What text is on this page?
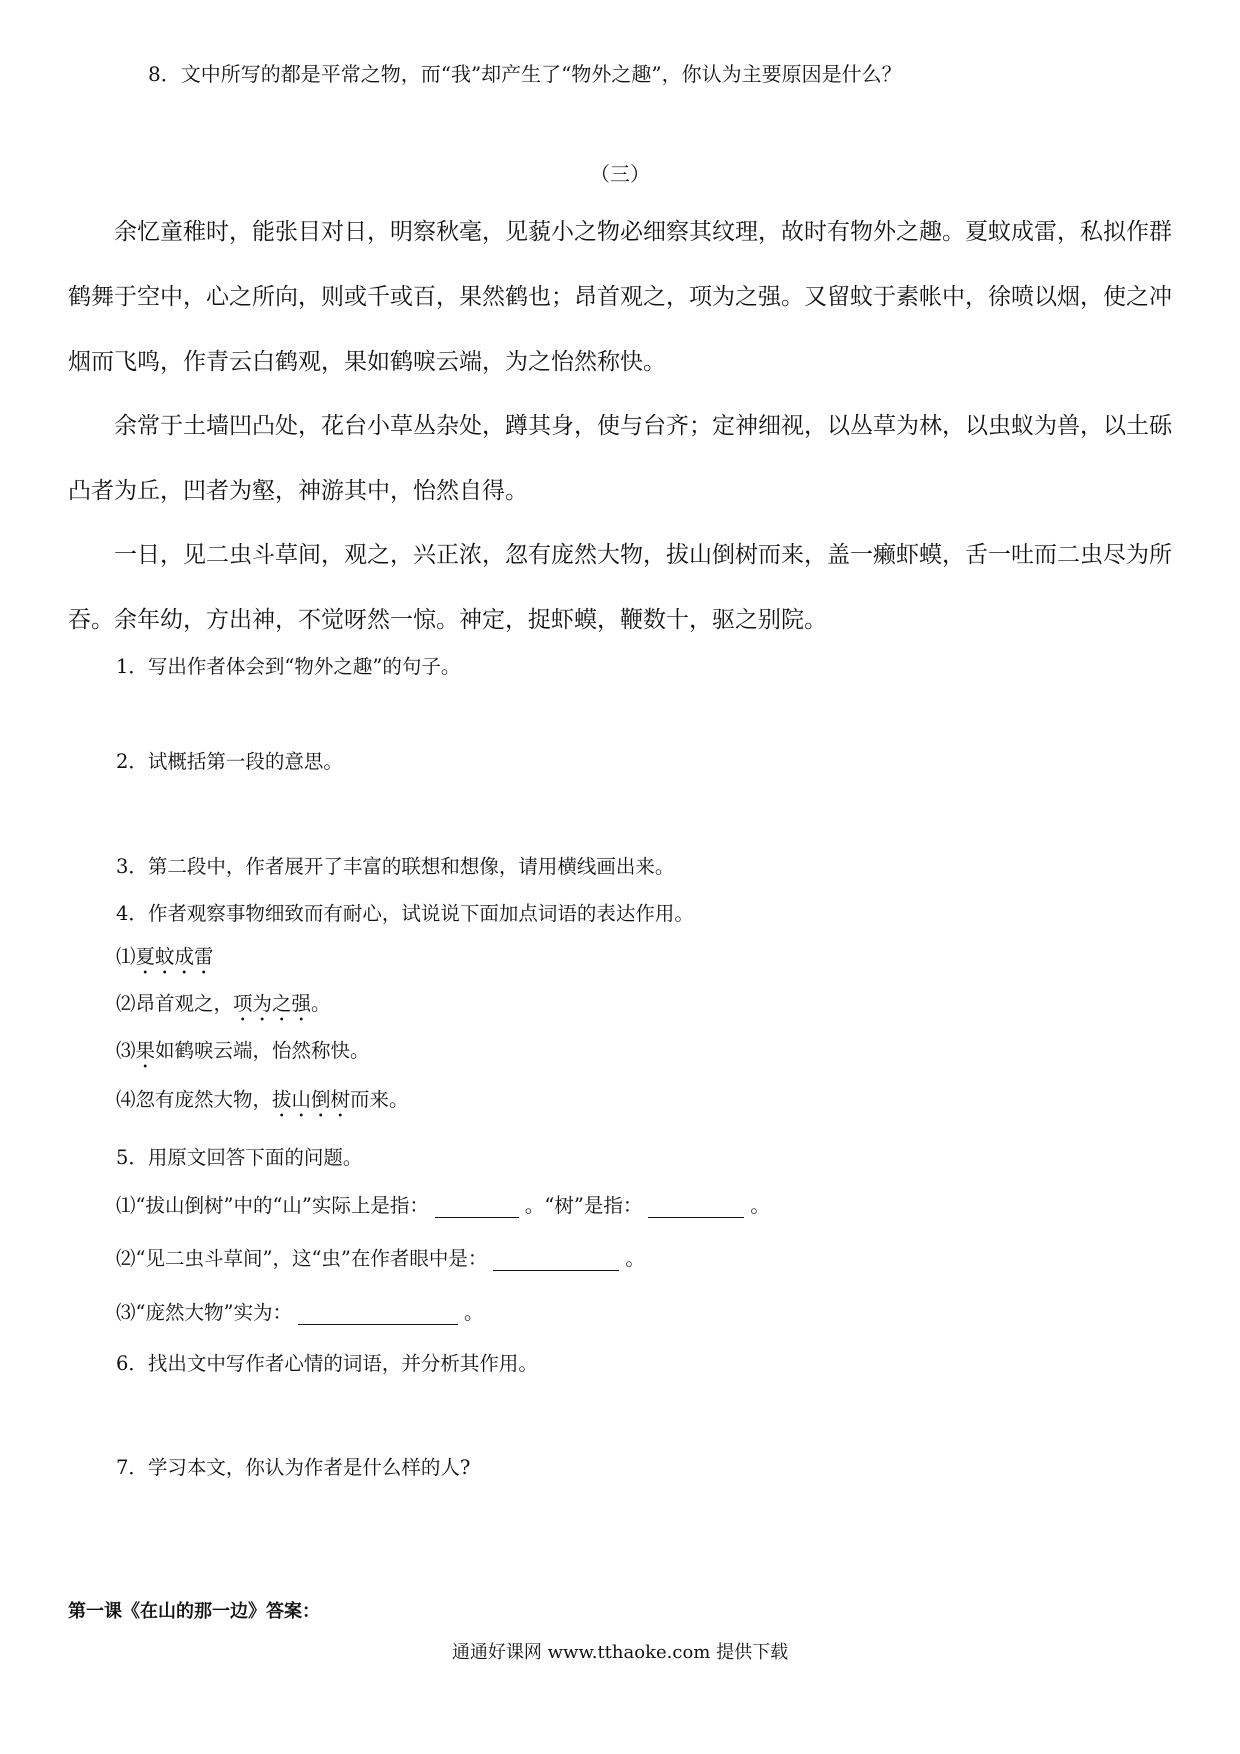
8．文中所写的都是平常之物，而“我”却产生了“物外之趣”，你认为主要原因是什么？
（三）

余忆童稚时，能张目对日，明察秋毫，见藐小之物必细察其纹理，故时有物外之趣。夏蚊成雷，私拟作群鹤舞于空中，心之所向，则或千或百，果然鹤也；昂首观之，项为之强。又留蚊于素帐中，徐喷以烟，使之冲烟而飞鸣，作青云白鹤观，果如鹤唳云端，为之怡然称快。

余常于土墙凹凸处，花台小草丛杂处，蹲其身，使与台齐；定神细视，以丛草为林，以虫蚁为兽，以土砾凸者为丘，凹者为壑，神游其中，怡然自得。

一日，见二虫斗草间，观之，兴正浓，忽有庞然大物，拔山倒树而来，盖一癞虾蟆，舌一吐而二虫尽为所吞。余年幼，方出神，不觉呀然一惊。神定，捉虾蟆，鞭数十，驱之别院。

1．写出作者体会到“物外之趣”的句子。
2．试概括第一段的意思。
3．第二段中，作者展开了丰富的联想和想像，请用横线画出来。
4．作者观察事物细致而有耐心，试说说下面加点词语的表达作用。
⑴夏蚊成雷
⑵昂首观之，项为之强。
⑶果如鹤唳云端，怡然称快。
⑷忽有庞然大物，拔山倒树而来。
5．用原文回答下面的问题。
⑴“拔山倒树”中的“山”实际上是指：	。“树”是指：	。
⑵“见二虫斗草间”，这“虫”在作者眼中是：	。
⑶“庞然大物”实为：	。
6．找出文中写作者心情的词语，并分析其作用。
7．学习本文，你认为作者是什么样的人?
第一课《在山的那一边》答案：
通通好课网 www.tthaoke.com 提供下载
